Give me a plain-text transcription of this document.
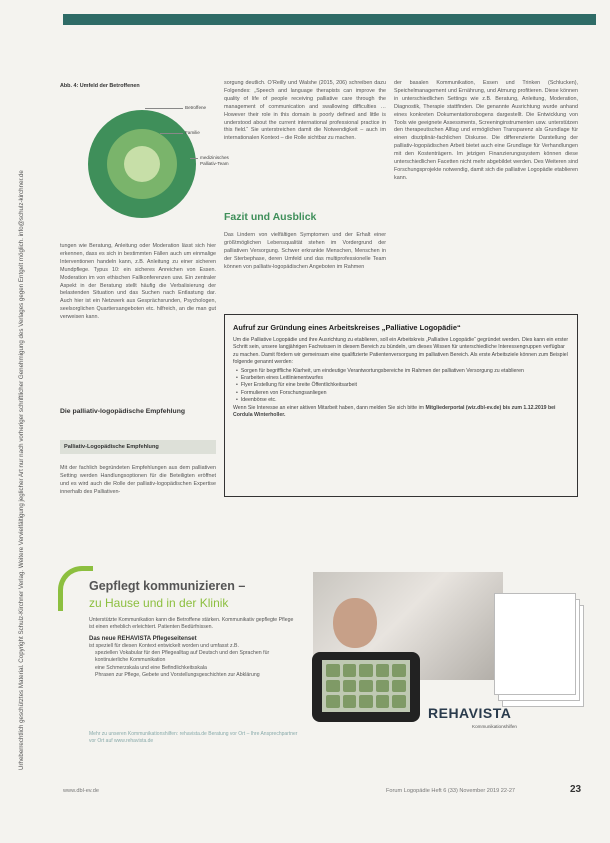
Urheberrechtlich geschütztes Material. Copyright Schulz-Kirchner Verlag. Weitere Vervielfältigung jeglicher Art nur nach vorheriger schriftlicher Genehmigung des Verlages gegen Entgelt möglich. info@schulz-kirchner.de
Abb. 4: Umfeld der Betroffenen
Betroffene
Familie
medizinisches Palliativ-Team

tungen wie Beratung, Anleitung oder Moderation lässt sich hier erkennen, dass es sich in bestimmten Fällen auch um einmalige Interventionen handeln kann, z.B. Anleitung zu einer sicheren Mundpflege. Typus 10: ein sicheres Anreichen von Essen. Moderation im von ethischen Fallkonferenzen usw. Ein zentraler Aspekt in der Beratung stellt häufig die Verbalisierung der belastenden Situation und das Suchen nach Entlastung dar. Auch hier ist ein Netzwerk aus Gesprächsrunden, Psychologen, seelsorglichen Quartiersangeboten etc. hilfreich, an die man gut verweisen kann.

Die palliativ-logopädische Empfehlung
Palliativ-Logopädische Empfehlung

Mit der fachlich begründeten Empfehlungen aus dem palliativen Setting werden Handlungsoptionen für die Beteiligten eröffnet und es wird auch die Rolle der palliativ-logopädischen Expertise innerhalb des Palliativen-

sorgung deutlich. O’Reilly und Walshe (2015, 206) schreiben dazu Folgendes: „Speech and language therapists can improve the quality of life of people receiving palliative care through the management of communication and swallowing difficulties … However their role in this domain is poorly defined and little is understood about the current international professional practice in this field.“ Sie unterstreichen damit die Notwendigkeit – auch im internationalen Kontext – die Rolle sichtbar zu machen.

Fazit und Ausblick

Das Lindern von vielfältigen Symptomen und der Erhalt einer größtmöglichen Lebensqualität stehen im Vordergrund der palliativen Versorgung. Schwer erkrankte Menschen, Menschen in der Sterbephase, deren Umfeld und das multiprofessionelle Team können von palliativ-logopädischen Angeboten im Rahmen

der basalen Kommunikation, Essen und Trinken (Schlucken), Speichelmanagement und Ernährung, und Atmung profitieren. Diese können in unterschiedlichen Settings wie z.B. Beratung, Anleitung, Moderation, Diagnostik, Therapie stattfinden. Die genannte Ausrichtung wurde anhand eines konkreten Dokumentationsbogens dargestellt. Die Entwicklung von Tools wie geeignete Assessments, Screeninginstrumenten usw. unterstützen den therapeutischen Alltag und ermöglichen Transparenz als Grundlage für einen disziplinär-fachlichen Diskurse. Die differenzierte Darstellung der palliativ-logopädischen Arbeit bietet auch eine Grundlage für Verhandlungen mit den Kostenträgern. Im jetzigen Finanzierungssystem können diese unterschiedlichen Facetten nicht mehr abgebildet werden. Des Weiteren sind Forschungsprojekte notwendig, damit sich die palliative Logopädie etablieren kann.

Aufruf zur Gründung eines Arbeitskreises „Palliative Logopädie“
Um die Palliative Logopädie und ihre Ausrichtung zu etablieren, soll ein Arbeitskreis „Palliative Logopädie“ gegründet werden. Dies kann ein erster Schritt sein, unsere langjährigen Fachwissen in diesem Bereich zu bündeln, um dieses Wissen für unterschiedliche Interessengruppen verfügbar zu machen. Damit fördern wir gemeinsam eine qualifizierte Patientenversorgung im palliativen Bereich. Als erste Arbeitsziele können zum Beispiel folgende genannt werden:
• Sorgen für begriffliche Klarheit, um eindeutige Verantwortungsbereiche im Rahmen der palliativen Versorgung zu etablieren
• Erarbeiten eines Leitlinienentwurfes
• Flyer Erstellung für eine breite Öffentlichkeitsarbeit
• Formulieren von Forschungsanliegen
• Ideenbörse etc.
Wenn Sie Interesse an einer aktiven Mitarbeit haben, dann melden Sie sich bitte im Mitgliederportal (wiz.dbl-ev.de) bis zum 1.12.2019 bei Cordula Winterholler.
Gepflegt kommunizieren –
zu Hause und in der Klinik
Unterstützte Kommunikation kann die Betroffene stärken. Kommunikativ gepflegte Pflege ist einen erheblich erleichtert. Patienten Bedürfnissen.
Das neue REHAVISTA Pflegeseitenset
ist speziell für diesen Kontext entwickelt worden und umfasst z.B.
speziellen Vokabular für den Pflegealltag auf Deutsch und den Sprachen für kontinuierliche Kommunikation
eine Schmerzskala und eine Befindlichkeitsskala
Phrasen zur Pflege, Gebete und Vorstellungsgeschichten zur Abklärung
Mehr zu unseren Kommunikationshilfen: rehavista.de Beratung vor Ort – Ihre Ansprechpartner vor Ort auf www.rehavista.de
REHAVISTA
Kommunikationshilfen
www.dbl-ev.de	Forum Logopädie Heft 6 (33) November 2019 22-27	23
